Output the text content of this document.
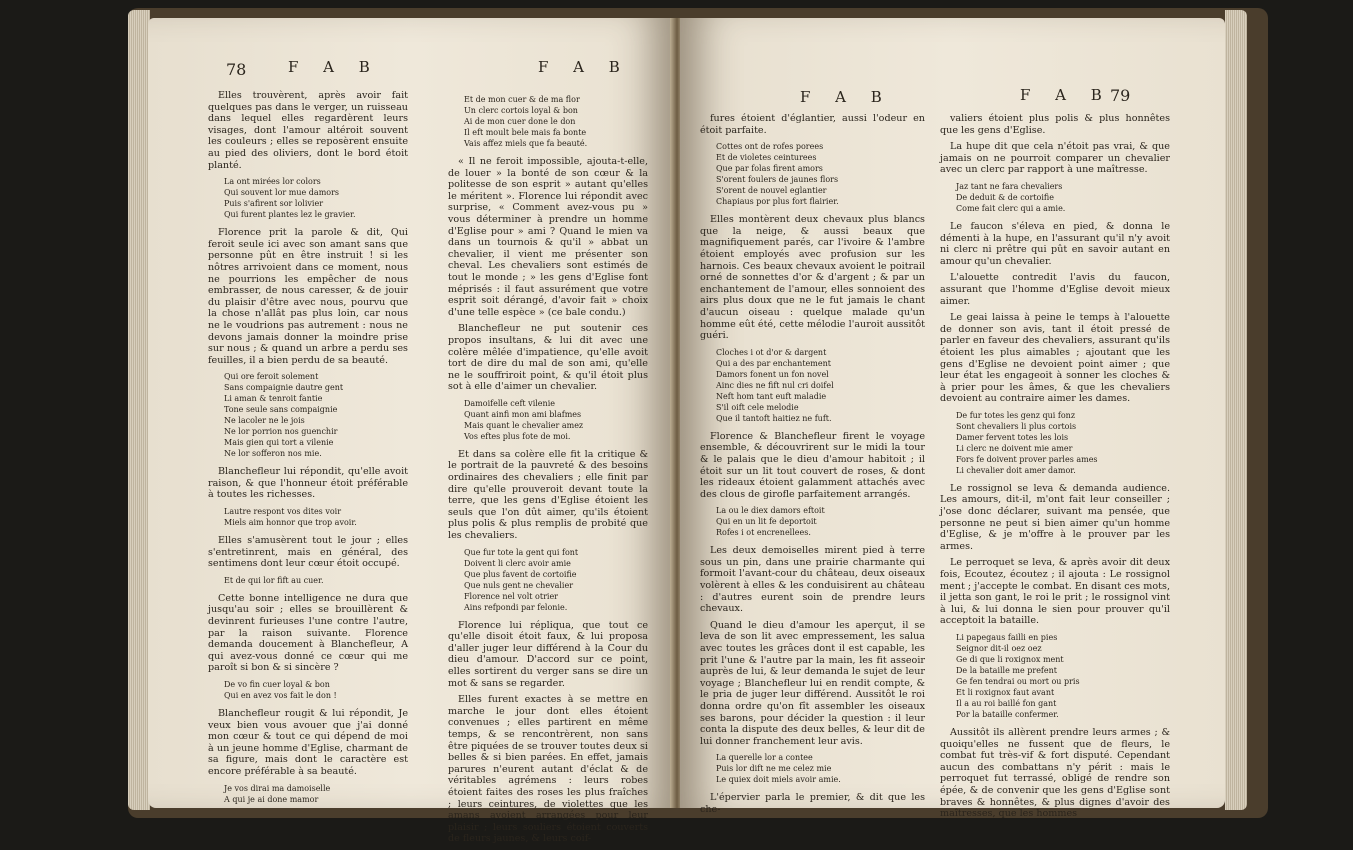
78	F A B	F A B

Elles trouvèrent, après avoir fait quelques pas dans le verger, un ruisseau dans lequel elles regardèrent leurs visages, dont l'amour altéroit souvent les couleurs ; elles se reposèrent ensuite au pied des oliviers, dont le bord étoit planté.

La ont mirées lor colors
Qui souvent lor mue damors
Puis s'afirent sor lolivier
Qui furent plantes lez le gravier.

Florence prit la parole & dit, Qui feroit seule ici avec son amant sans que personne pût en être instruit ! si les nôtres arrivoient dans ce moment, nous ne pourrions les empêcher de nous embrasser, de nous caresser, & de jouir du plaisir d'être avec nous, pourvu que la chose n'allât pas plus loin, car nous ne le voudrions pas autrement : nous ne devons jamais donner la moindre prise sur nous ; & quand un arbre a perdu ses feuilles, il a bien perdu de sa beauté.

Qui ore feroit solement
Sans compaignie dautre gent
Li aman & tenroit fantie
Tone seule sans compaignie
Ne lacoler ne le jois
Ne lor porrion nos guenchir
Mais gien qui tort a vilenie
Ne lor sofferon nos mie.

Blanchefleur lui répondit, qu'elle avoit raison, & que l'honneur étoit préférable à toutes les richesses.

Lautre respont vos dites voir
Miels aim honnor que trop avoir.

Elles s'amusèrent tout le jour ; elles s'entretinrent, mais en général, des sentimens dont leur cœur étoit occupé.

Et de qui lor fift au cuer.

Cette bonne intelligence ne dura que jusqu'au soir ; elles se brouillèrent & devinrent furieuses l'une contre l'autre, par la raison suivante. Florence demanda doucement à Blanchefleur, A qui avez-vous donné ce cœur qui me paroît si bon & si sincère ?

De vo fin cuer loyal & bon
Qui en avez vos fait le don !

Blanchefleur rougit & lui répondit, Je veux bien vous avouer que j'ai donné mon cœur & tout ce qui dépend de moi à un jeune homme d'Eglise, charmant de sa figure, mais dont le caractère est encore préférable à sa beauté.

Je vos dirai ma damoiselle
A qui je ai done mamor
Et de mon cuer & de ma flor
Un clerc cortois loyal & bon
Ai de mon cuer done le don
Il eft moult bele mais fa bonte
Vais affez miels que fa beauté.

« Il ne feroit impossible, ajouta-t-elle, de louer » la bonté de son cœur & la politesse de son esprit » autant qu'elles le méritent ». Florence lui répondit avec surprise, « Comment avez-vous pu » vous déterminer à prendre un homme d'Eglise pour » ami ? Quand le mien va dans un tournois & qu'il » abbat un chevalier, il vient me présenter son cheval. Les chevaliers sont estimés de tout le monde ; » les gens d'Eglise font méprisés : il faut assurément que votre esprit soit dérangé, d'avoir fait » choix d'une telle espèce » (ce bale condu.)

Blanchefleur ne put soutenir ces propos insultans, & lui dit avec une colère mêlée d'impatience, qu'elle avoit tort de dire du mal de son ami, qu'elle ne le souffriroit point, & qu'il étoit plus sot à elle d'aimer un chevalier.

Damoifelle ceft vilenie
Quant ainfi mon ami blafmes
Mais quant le chevalier amez
Vos eftes plus fote de moi.

Et dans sa colère elle fit la critique & le portrait de la pauvreté & des besoins ordinaires des chevaliers ; elle finit par dire qu'elle prouveroit devant toute la terre, que les gens d'Eglise étoient les seuls que l'on dût aimer, qu'ils étoient plus polis & plus remplis de probité que les chevaliers.

Que fur tote la gent qui font
Doivent li clerc avoir amie
Que plus favent de cortoifie
Que nuls gent ne chevalier
Florence nel volt otrier
Ains refpondi par felonie.

Florence lui répliqua, que tout ce qu'elle disoit étoit faux, & lui proposa d'aller juger leur différend à la Cour du dieu d'amour. D'accord sur ce point, elles sortirent du verger sans se dire un mot & sans se regarder.

Elles furent exactes à se mettre en marche le jour dont elles étoient convenues ; elles partirent en même temps, & se rencontrèrent, non sans être piquées de se trouver toutes deux si belles & si bien parées. En effet, jamais parures n'eurent autant d'éclat & de véritables agrémens : leurs robes étoient faites des roses les plus fraîches ; leurs ceintures, de violettes que les amans avoient arrangées pour leur plaisir ; leurs souliers étoient couverts de fleurs jaunes, & leurs coif-

F A B	F A B
79

fures étoient d'églantier, aussi l'odeur en étoit parfaite.

Cottes ont de rofes porees
Et de violetes ceinturees
Que par folas firent amors
S'orent foulers de jaunes flors
S'orent de nouvel eglantier
Chapiaus por plus fort flairier.

Elles montèrent deux chevaux plus blancs que la neige, & aussi beaux que magnifiquement parés, car l'ivoire & l'ambre étoient employés avec profusion sur les harnois. Ces beaux chevaux avoient le poitrail orné de sonnettes d'or & d'argent ; & par un enchantement de l'amour, elles sonnoient des airs plus doux que ne le fut jamais le chant d'aucun oiseau : quelque malade qu'un homme eût été, cette mélodie l'auroit aussitôt guéri.

Cloches i ot d'or & dargent
Qui a des par enchantement
Damors fonent un fon novel
Ainc dies ne fift nul cri doifel
Neft hom tant euft maladie
S'il oift cele melodie
Que il tantoft haitiez ne fuft.

Florence & Blanchefleur firent le voyage ensemble, & découvrirent sur le midi la tour & le palais que le dieu d'amour habitoit ; il étoit sur un lit tout couvert de roses, & dont les rideaux étoient galamment attachés avec des clous de girofle parfaitement arrangés.

La ou le diex damors eftoit
Qui en un lit fe deportoit
Rofes i ot encrenellees.

Les deux demoiselles mirent pied à terre sous un pin, dans une prairie charmante qui formoit l'avant-cour du château, deux oiseaux volèrent à elles & les conduisirent au château : d'autres eurent soin de prendre leurs chevaux.

Quand le dieu d'amour les aperçut, il se leva de son lit avec empressement, les salua avec toutes les grâces dont il est capable, les prit l'une & l'autre par la main, les fit asseoir auprès de lui, & leur demanda le sujet de leur voyage ; Blanchefleur lui en rendit compte, & le pria de juger leur différend. Aussitôt le roi donna ordre qu'on fît assembler les oiseaux ses barons, pour décider la question : il leur conta la dispute des deux belles, & leur dit de lui donner franchement leur avis.

La querelle lor a contee
Puis lor dift ne me celez mie
Le quiex doit miels avoir amie.

L'épervier parla le premier, & dit que les che-

valiers étoient plus polis & plus honnêtes que les gens d'Eglise.

La hupe dit que cela n'étoit pas vrai, & que jamais on ne pourroit comparer un chevalier avec un clerc par rapport à une maîtresse.

Jaz tant ne fara chevaliers
De deduit & de cortoifie
Come fait clerc qui a amie.

Le faucon s'éleva en pied, & donna le démenti à la hupe, en l'assurant qu'il n'y avoit ni clerc ni prêtre qui pût en savoir autant en amour qu'un chevalier.

L'alouette contredit l'avis du faucon, assurant que l'homme d'Eglise devoit mieux aimer.

Le geai laissa à peine le temps à l'alouette de donner son avis, tant il étoit pressé de parler en faveur des chevaliers, assurant qu'ils étoient les plus aimables ; ajoutant que les gens d'Eglise ne devoient point aimer ; que leur état les engageoit à sonner les cloches & à prier pour les âmes, & que les chevaliers devoient au contraire aimer les dames.

De fur totes les genz qui fonz
Sont chevaliers li plus cortois
Damer fervent totes les lois
Li clerc ne doivent mie amer
Fors fe doivent prover parles ames
Li chevalier doit amer damor.

Le rossignol se leva & demanda audience. Les amours, dit-il, m'ont fait leur conseiller ; j'ose donc déclarer, suivant ma pensée, que personne ne peut si bien aimer qu'un homme d'Eglise, & je m'offre à le prouver par les armes.

Le perroquet se leva, & après avoir dit deux fois, Ecoutez, écoutez ; il ajouta : Le rossignol ment ; j'accepte le combat. En disant ces mots, il jetta son gant, le roi le prit ; le rossignol vint à lui, & lui donna le sien pour prouver qu'il acceptoit la bataille.

Li papegaus failli en pies
Seignor dit-il oez oez
Ge di que li roxignox ment
De la bataille me prefent
Ge fen tendrai ou mort ou pris
Et li roxignox faut avant
Il a au roi baillé fon gant
Por la bataille confermer.

Aussitôt ils allèrent prendre leurs armes ; & quoiqu'elles ne fussent que de fleurs, le combat fut très-vif & fort disputé. Cependant aucun des combattans n'y périt : mais le perroquet fut terrassé, obligé de rendre son épée, & de convenir que les gens d'Eglise sont braves & honnêtes, & plus dignes d'avoir des maîtresses, que les hommes
